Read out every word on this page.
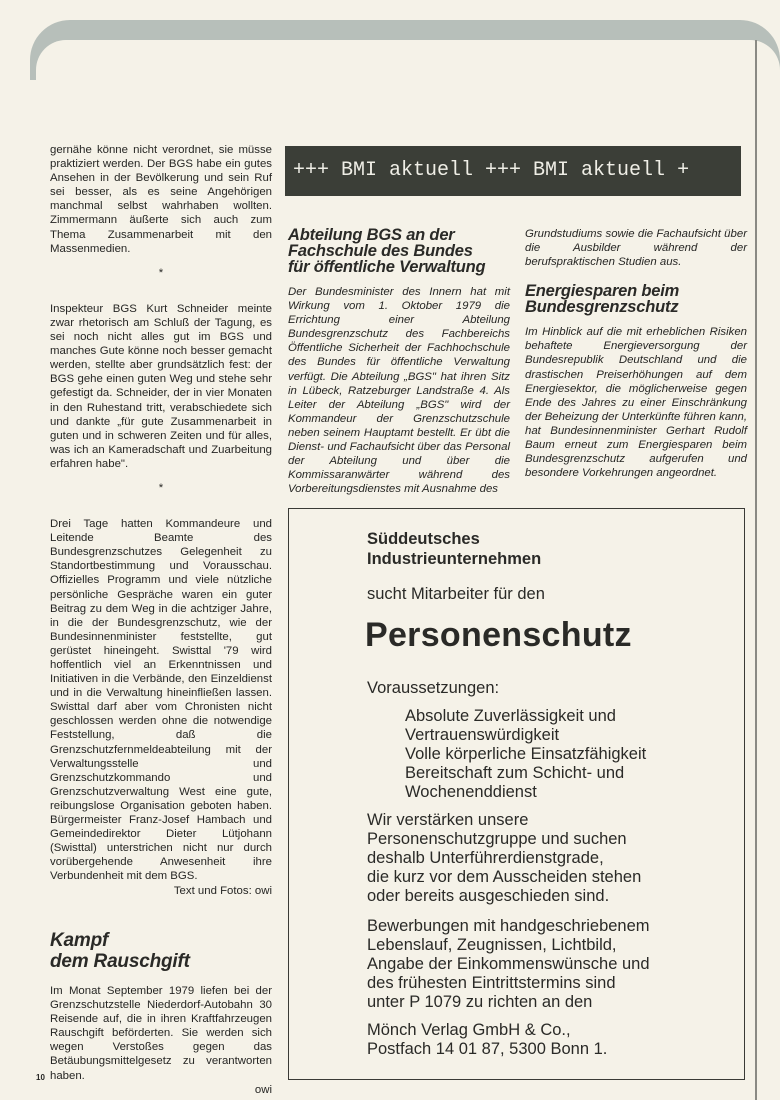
gernähe könne nicht verordnet, sie müsse praktiziert werden. Der BGS habe ein gutes Ansehen in der Bevölkerung und sein Ruf sei besser, als es seine Angehörigen manchmal selbst wahrhaben wollten. Zimmermann äußerte sich auch zum Thema Zusammenarbeit mit den Massenmedien.

*

Inspekteur BGS Kurt Schneider meinte zwar rhetorisch am Schluß der Tagung, es sei noch nicht alles gut im BGS und manches Gute könne noch besser gemacht werden, stellte aber grundsätzlich fest: der BGS gehe einen guten Weg und stehe sehr gefestigt da. Schneider, der in vier Monaten in den Ruhestand tritt, verabschiedete sich und dankte „für gute Zusammenarbeit in guten und in schweren Zeiten und für alles, was ich an Kameradschaft und Zuarbeitung erfahren habe".

*

Drei Tage hatten Kommandeure und Leitende Beamte des Bundesgrenzschutzes Gelegenheit zu Standortbestimmung und Vorausschau. Offizielles Programm und viele nützliche persönliche Gespräche waren ein guter Beitrag zu dem Weg in die achtziger Jahre, in die der Bundesgrenzschutz, wie der Bundesinnenminister feststellte, gut gerüstet hineingeht. Swisttal '79 wird hoffentlich viel an Erkenntnissen und Initiativen in die Verbände, den Einzeldienst und in die Verwaltung hineinfließen lassen. Swisttal darf aber vom Chronisten nicht geschlossen werden ohne die notwendige Feststellung, daß die Grenzschutzfernmeldeabteilung mit der Verwaltungsstelle und Grenzschutzkommando und Grenzschutzverwaltung West eine gute, reibungslose Organisation geboten haben. Bürgermeister Franz-Josef Hambach und Gemeindedirektor Dieter Lütjohann (Swisttal) unterstrichen nicht nur durch vorübergehende Anwesenheit ihre Verbundenheit mit dem BGS.

Text und Fotos: owi

Kampf

dem Rauschgift

Im Monat September 1979 liefen bei der Grenzschutzstelle Niederdorf-Autobahn 30 Reisende auf, die in ihren Kraftfahrzeugen Rauschgift beförderten. Sie werden sich wegen Verstoßes gegen das Betäubungsmittelgesetz zu verantworten haben.

owi

+++ BMI aktuell +++ BMI aktuell +

Abteilung BGS an der

Fachschule des Bundes

für öffentliche Verwaltung

Der Bundesminister des Innern hat mit Wirkung vom 1. Oktober 1979 die Errichtung einer Abteilung Bundesgrenzschutz des Fachbereichs Öffentliche Sicherheit der Fachhochschule des Bundes für öffentliche Verwaltung verfügt. Die Abteilung „BGS" hat ihren Sitz in Lübeck, Ratzeburger Landstraße 4. Als Leiter der Abteilung „BGS" wird der Kommandeur der Grenzschutzschule neben seinem Hauptamt bestellt. Er übt die Dienst- und Fachaufsicht über das Personal der Abteilung und über die Kommissaranwärter während des Vorbereitungsdienstes mit Ausnahme des

Grundstudiums sowie die Fachaufsicht über die Ausbilder während der berufspraktischen Studien aus.

Energiesparen beim

Bundesgrenzschutz

Im Hinblick auf die mit erheblichen Risiken behaftete Energieversorgung der Bundesrepublik Deutschland und die drastischen Preiserhöhungen auf dem Energiesektor, die möglicherweise gegen Ende des Jahres zu einer Einschränkung der Beheizung der Unterkünfte führen kann, hat Bundesinnenminister Gerhart Rudolf Baum erneut zum Energiesparen beim Bundesgrenzschutz aufgerufen und besondere Vorkehrungen angeordnet.

Süddeutsches
Industrieunternehmen
sucht Mitarbeiter für den
Personenschutz
Voraussetzungen:
Absolute Zuverlässigkeit und
Vertrauenswürdigkeit
Volle körperliche Einsatzfähigkeit
Bereitschaft zum Schicht- und
Wochenenddienst
Wir verstärken unsere
Personenschutzgruppe und suchen
deshalb Unterführerdienstgrade,
die kurz vor dem Ausscheiden stehen
oder bereits ausgeschieden sind.
Bewerbungen mit handgeschriebenem
Lebenslauf, Zeugnissen, Lichtbild,
Angabe der Einkommenswünsche und
des frühesten Eintrittstermins sind
unter P 1079 zu richten an den
Mönch Verlag GmbH & Co.,
Postfach 14 01 87, 5300 Bonn 1.
10
